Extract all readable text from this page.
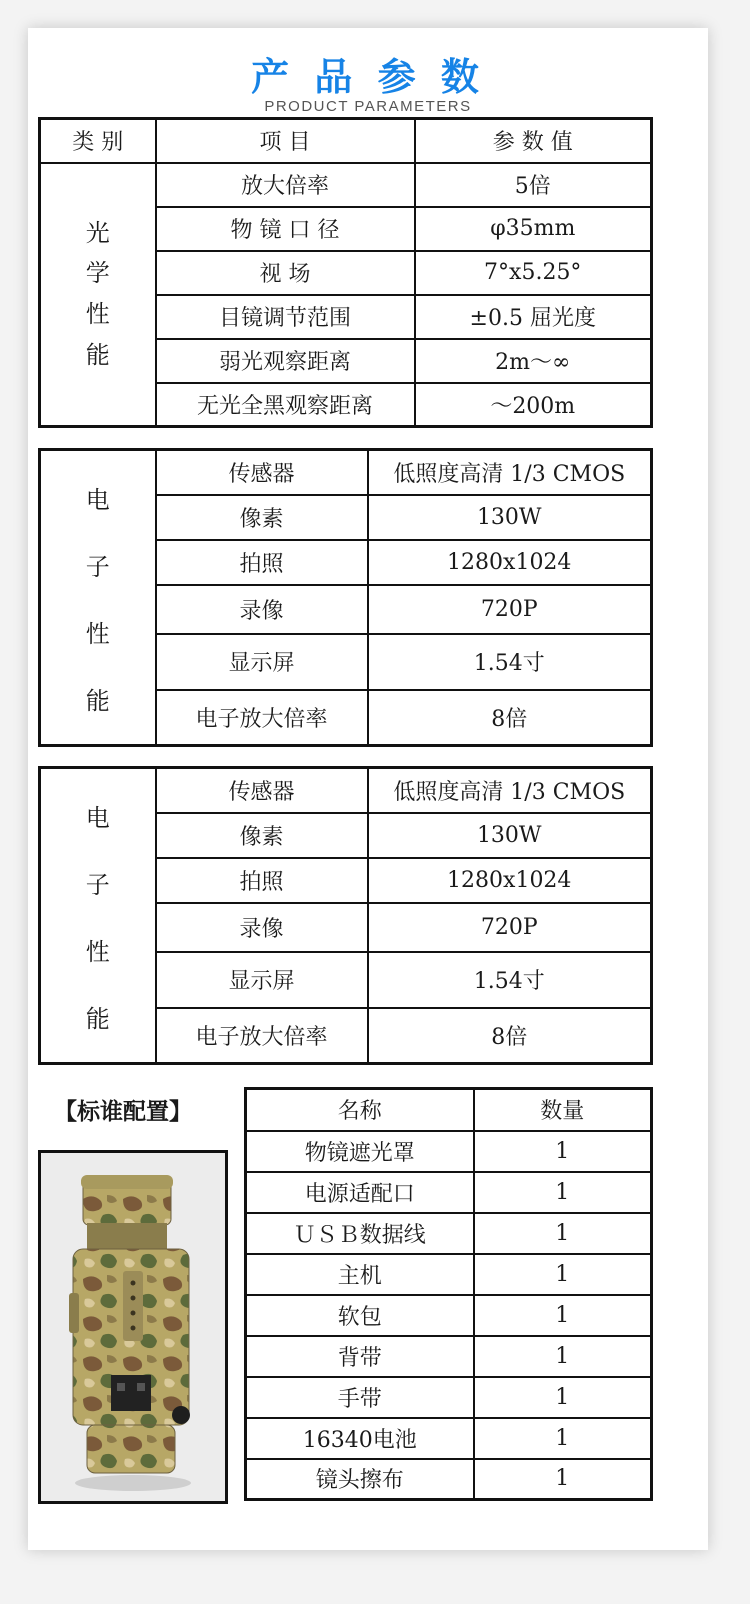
产 品 参 数
PRODUCT PARAMETERS
类 别	项 目	参 数 值

光
学
性
能	放大倍率	5倍
	物 镜 口 径	φ35mm
	视 场	7°x5.25°
	目镜调节范围	±0.5 屈光度
	弱光观察距离	2m～∞
	无光全黑观察距离	～200m
电
子
性
能	传感器	低照度高清 1/3 CMOS
	像素	130W
	拍照	1280x1024
	录像	720P
	显示屏	1.54寸
	电子放大倍率	8倍
电
子
性
能	传感器	低照度高清 1/3 CMOS
	像素	130W
	拍照	1280x1024
	录像	720P
	显示屏	1.54寸
	电子放大倍率	8倍
【标谁配置】	名称	数量
物镜遮光罩	1
电源适配口	1
ＵＳＢ数据线	1
主机	1
软包	1
背带	1
手带	1
16340电池	1
镜头擦布	1
